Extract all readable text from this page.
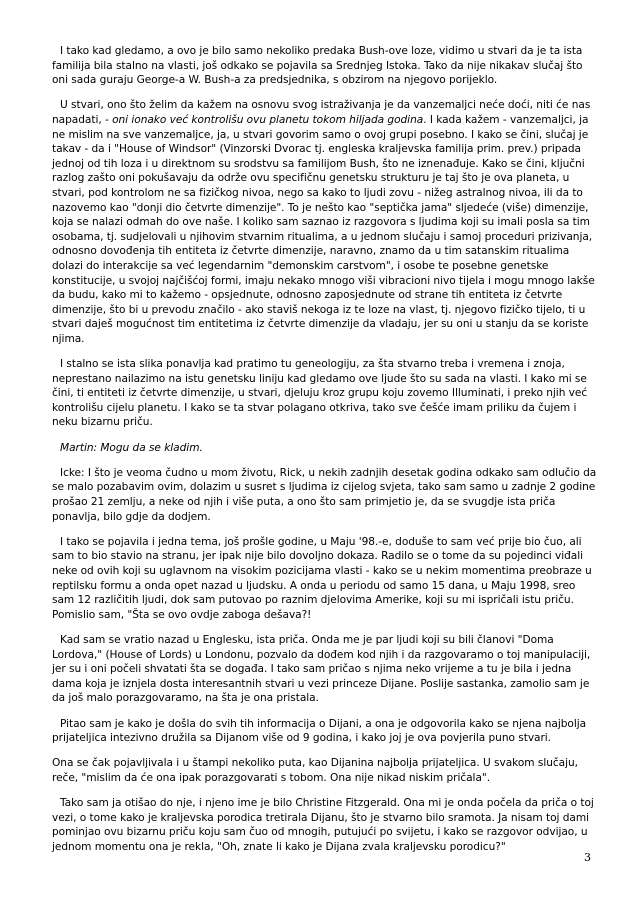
I tako kad gledamo, a ovo je bilo samo nekoliko predaka Bush-ove loze, vidimo u stvari da je ta ista familija bila stalno na vlasti, još odkako se pojavila sa Srednjeg Istoka. Tako da nije nikakav slučaj što oni sada guraju George-a W. Bush-a za predsjednika, s obzirom na njegovo porijeklo.

U stvari, ono što želim da kažem na osnovu svog istraživanja je da vanzemaljci neće doći, niti će nas napadati, - oni ionako već kontrolišu ovu planetu tokom hiljada godina. I kada kažem - vanzemaljci, ja ne mislim na sve vanzemaljce, ja, u stvari govorim samo o ovoj grupi posebno. I kako se čini, slučaj je takav - da i "House of Windsor" (Vinzorski Dvorac tj. engleska kraljevska familija prim. prev.) pripada jednoj od tih loza i u direktnom su srodstvu sa familijom Bush, što ne iznenađuje. Kako se čini, ključni razlog zašto oni pokušavaju da održe ovu specifičnu genetsku strukturu je taj što je ova planeta, u stvari, pod kontrolom ne sa fizičkog nivoa, nego sa kako to ljudi zovu - nižeg astralnog nivoa, ili da to nazovemo kao "donji dio četvrte dimenzije". To je nešto kao "septička jama" sljedeće (više) dimenzije, koja se nalazi odmah do ove naše. I koliko sam saznao iz razgovora s ljudima koji su imali posla sa tim osobama, tj. sudjelovali u njihovim stvarnim ritualima, a u jednom slučaju i samoj proceduri prizivanja, odnosno dovođenja tih entiteta iz četvrte dimenzije, naravno, znamo da u tim satanskim ritualima dolazi do interakcije sa već legendarnim "demonskim carstvom", i osobe te posebne genetske konstitucije, u svojoj najčišćoj formi, imaju nekako mnogo viši vibracioni nivo tijela i mogu mnogo lakše da budu, kako mi to kažemo - opsjednute, odnosno zaposjednute od strane tih entiteta iz četvrte dimenzije, što bi u prevodu značilo - ako staviš nekoga iz te loze na vlast, tj. njegovo fizičko tijelo, ti u stvari daješ mogućnost tim entitetima iz četvrte dimenzije da vladaju, jer su oni u stanju da se koriste njima.

I stalno se ista slika ponavlja kad pratimo tu geneologiju, za šta stvarno treba i vremena i znoja, neprestano nailazimo na istu genetsku liniju kad gledamo ove ljude što su sada na vlasti. I kako mi se čini, ti entiteti iz četvrte dimenzije, u stvari, djeluju kroz grupu koju zovemo Illuminati, i preko njih već kontrolišu cijelu planetu. I kako se ta stvar polagano otkriva, tako sve češće imam priliku da čujem i neku bizarnu priču.

Martin: Mogu da se kladim.

Icke: I što je veoma čudno u mom životu, Rick, u nekih zadnjih desetak godina odkako sam odlučio da se malo pozabavim ovim, dolazim u susret s ljudima iz cijelog svjeta, tako sam samo u zadnje 2 godine prošao 21 zemlju, a neke od njih i više puta, a ono što sam primjetio je, da se svugdje ista priča ponavlja, bilo gdje da dodjem.

I tako se pojavila i jedna tema, još prošle godine, u Maju '98.-e, doduše to sam već prije bio čuo, ali sam to bio stavio na stranu, jer ipak nije bilo dovoljno dokaza. Radilo se o tome da su pojedinci viđali neke od ovih koji su uglavnom na visokim pozicijama vlasti - kako se u nekim momentima preobraze u reptilsku formu a onda opet nazad u ljudsku. A onda u periodu od samo 15 dana, u Maju 1998, sreo sam 12 različitih ljudi, dok sam putovao po raznim djelovima Amerike, koji su mi ispričali istu priču. Pomislio sam, "Šta se ovo ovdje zaboga dešava?!

Kad sam se vratio nazad u Englesku, ista priča. Onda me je par ljudi koji su bili članovi "Doma Lordova," (House of Lords) u Londonu, pozvalo da dođem kod njih i da razgovaramo o toj manipulaciji, jer su i oni počeli shvatati šta se događa. I tako sam pričao s njima neko vrijeme a tu je bila i jedna dama koja je iznjela dosta interesantnih stvari u vezi princeze Dijane. Poslije sastanka, zamolio sam je da još malo porazgovaramo, na šta je ona pristala.

Pitao sam je kako je došla do svih tih informacija o Dijani, a ona je odgovorila kako se njena najbolja prijateljica intezivno družila sa Dijanom više od 9 godina, i kako joj je ova povjerila puno stvari.

Ona se čak pojavljivala i u štampi nekoliko puta, kao Dijanina najbolja prijateljica. U svakom slučaju, reče, "mislim da će ona ipak porazgovarati s tobom. Ona nije nikad niskim pričala".

Tako sam ja otišao do nje, i njeno ime je bilo Christine Fitzgerald. Ona mi je onda počela da priča o toj vezi, o tome kako je kraljevska porodica tretirala Dijanu, što je stvarno bilo sramota. Ja nisam toj dami pominjao ovu bizarnu priču koju sam čuo od mnogih, putujući po svijetu, i kako se razgovor odvijao, u jednom momentu ona je rekla, "Oh, znate li kako je Dijana zvala kraljevsku porodicu?"

3
